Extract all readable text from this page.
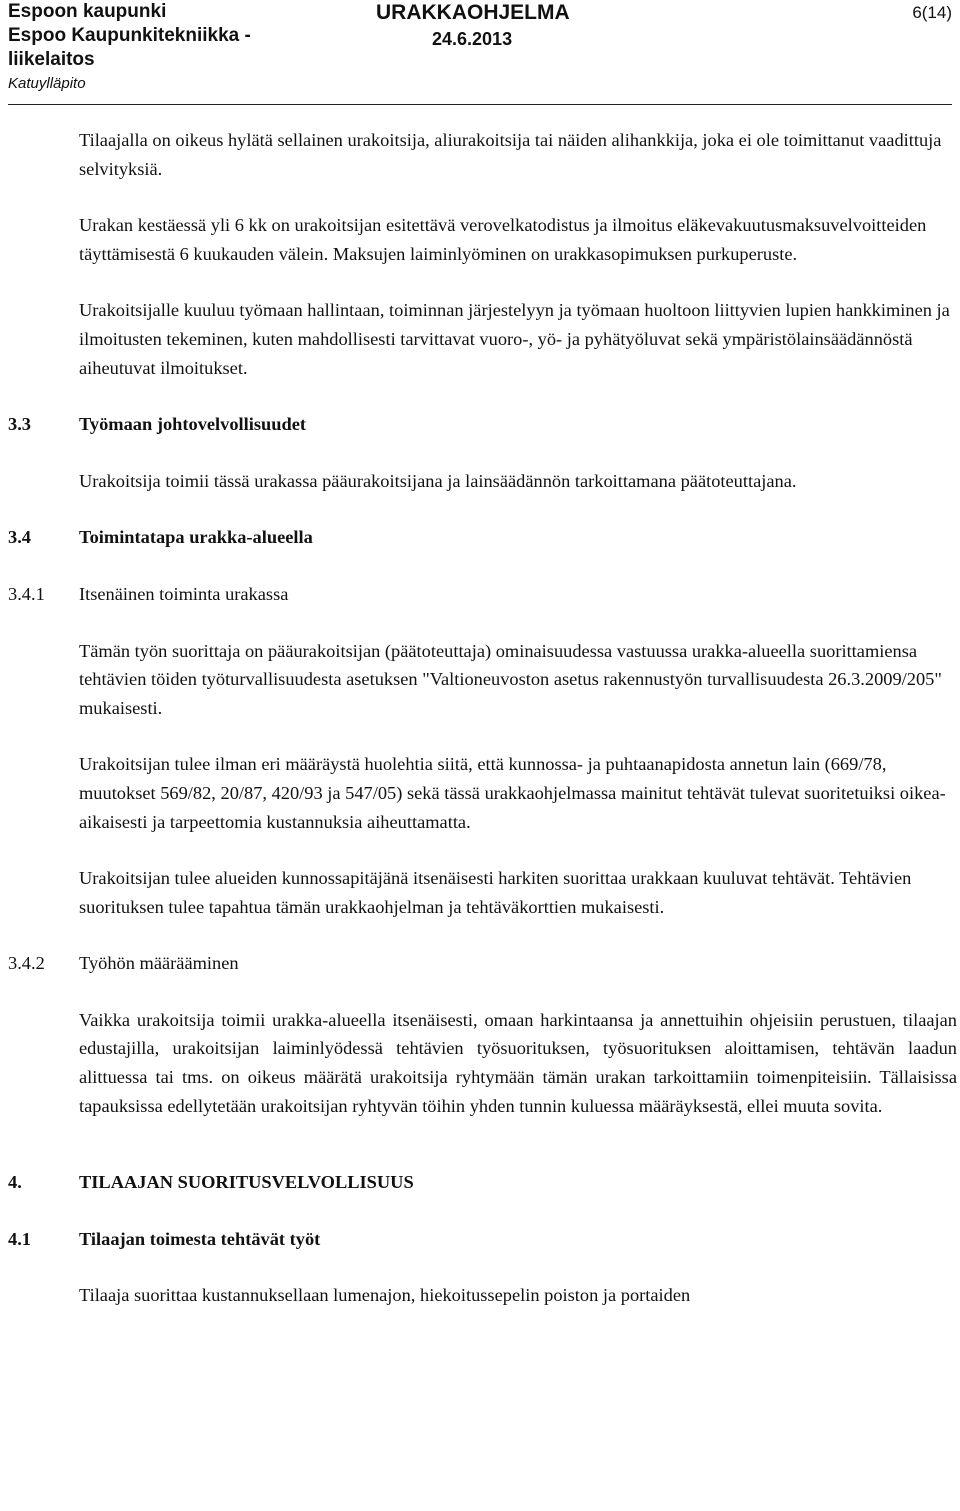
Espoon kaupunki
Espoo Kaupunkitekniikka -
liikelaitos
Katuylläpito
URAKKAOHJELMA
24.6.2013
6(14)

Tilaajalla on oikeus hylätä sellainen urakoitsija, aliurakoitsija tai näiden alihankkija, joka ei ole toimittanut vaadittuja selvityksiä.

Urakan kestäessä yli 6 kk on urakoitsijan esitettävä verovelkatodistus ja ilmoitus eläkevakuutusmaksuvelvoitteiden täyttämisestä 6 kuukauden välein. Maksujen laiminlyöminen on urakkasopimuksen purkuperuste.

Urakoitsijalle kuuluu työmaan hallintaan, toiminnan järjestelyyn ja työmaan huoltoon liittyvien lupien hankkiminen ja ilmoitusten tekeminen, kuten mahdollisesti tarvittavat vuoro-, yö- ja pyhätyöluvat sekä ympäristölainsäädännöstä aiheutuvat ilmoitukset.

3.3	Työmaan johtovelvollisuudet

Urakoitsija toimii tässä urakassa pääurakoitsijana ja lainsäädännön tarkoittamana päätoteuttajana.

3.4	Toimintatapa urakka-alueella
3.4.1 Itsenäinen toiminta urakassa

Tämän työn suorittaja on pääurakoitsijan (päätoteuttaja) ominaisuudessa vastuussa urakka-alueella suorittamiensa tehtävien töiden työturvallisuudesta asetuksen "Valtioneuvoston asetus rakennustyön turvallisuudesta 26.3.2009/205" mukaisesti.

Urakoitsijan tulee ilman eri määräystä huolehtia siitä, että kunnossa- ja puhtaanapidosta annetun lain (669/78, muutokset 569/82, 20/87, 420/93 ja 547/05) sekä tässä urakkaohjelmassa mainitut tehtävät tulevat suoritetuiksi oikea-aikaisesti ja tarpeettomia kustannuksia aiheuttamatta.

Urakoitsijan tulee alueiden kunnossapitäjänä itsenäisesti harkiten suorittaa urakkaan kuuluvat tehtävät. Tehtävien suorituksen tulee tapahtua tämän urakkaohjelman ja tehtäväkorttien mukaisesti.

3.4.2 Työhön määrääminen

Vaikka urakoitsija toimii urakka-alueella itsenäisesti, omaan harkintaansa ja annettuihin ohjeisiin perustuen, tilaajan edustajilla, urakoitsijan laiminlyödessä tehtävien työsuorituksen, työsuorituksen aloittamisen, tehtävän laadun alittuessa tai tms. on oikeus määrätä urakoitsija ryhtymään tämän urakan tarkoittamiin toimenpiteisiin. Tällaisissa tapauksissa edellytetään urakoitsijan ryhtyvän töihin yhden tunnin kuluessa määräyksestä, ellei muuta sovita.

4.	TILAAJAN SUORITUSVELVOLLISUUS
4.1	Tilaajan toimesta tehtävät työt

Tilaaja suorittaa kustannuksellaan lumenajon, hiekoitussepelin poiston ja portaiden
